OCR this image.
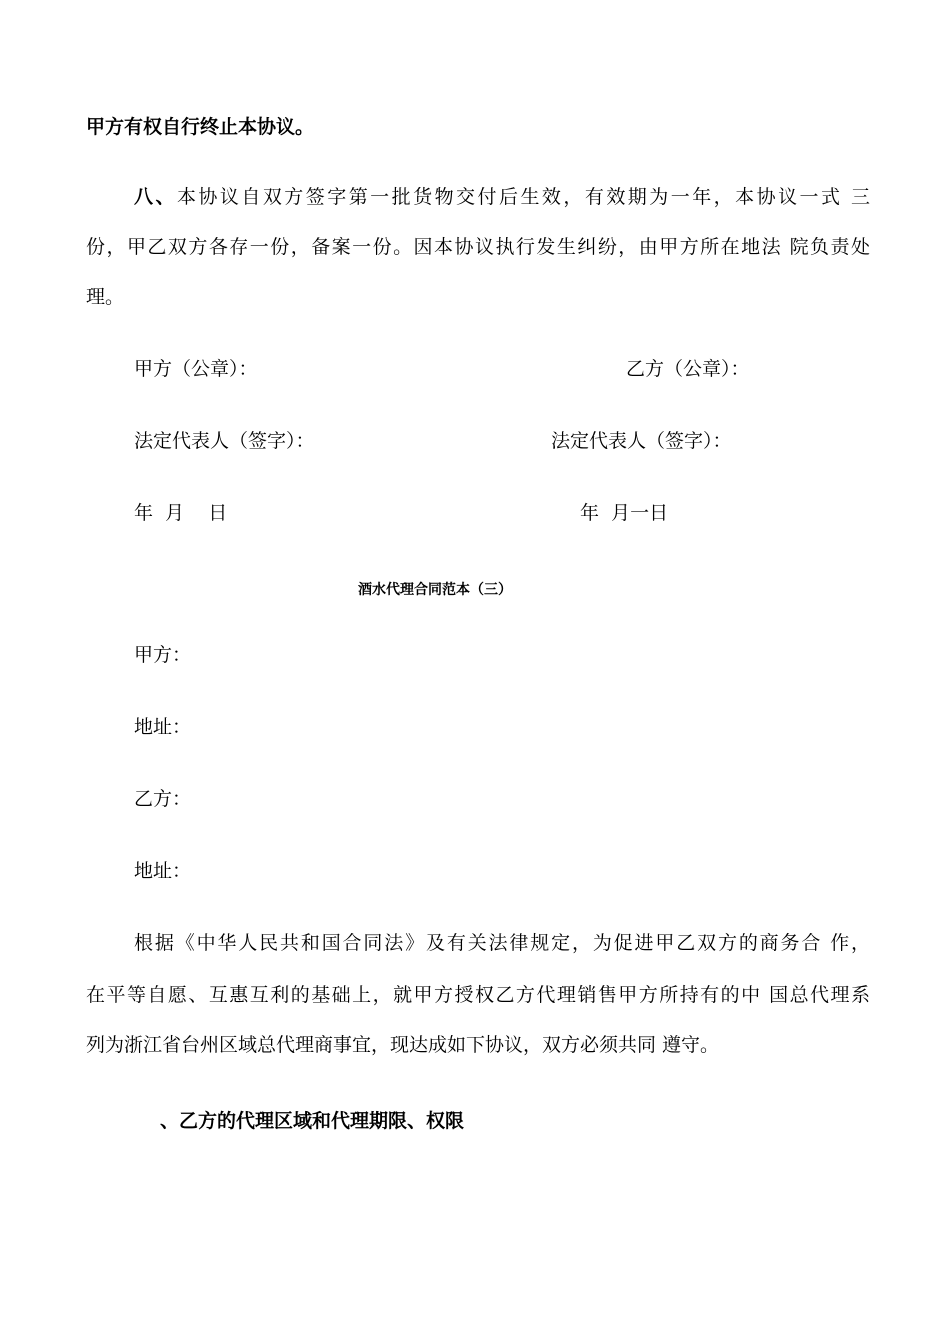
甲方有权自行终止本协议。
八、本协议自双方签字第一批货物交付后生效，有效期为一年，本协议一式 三
份，甲乙双方各存一份，备案一份。因本协议执行发生纠纷，由甲方所在地法 院负责处
理。
甲方（公章）：	乙方（公章）：
法定代表人（签字）：	法定代表人（签字）：
年  月    日	年  月一日
酒水代理合同范本（三）
甲方：
地址：
乙方：
地址：
根据《中华人民共和国合同法》及有关法律规定，为促进甲乙双方的商务合 作，
在平等自愿、互惠互利的基础上，就甲方授权乙方代理销售甲方所持有的中 国总代理系
列为浙江省台州区域总代理商事宜，现达成如下协议，双方必须共同 遵守。
、乙方的代理区域和代理期限、权限
